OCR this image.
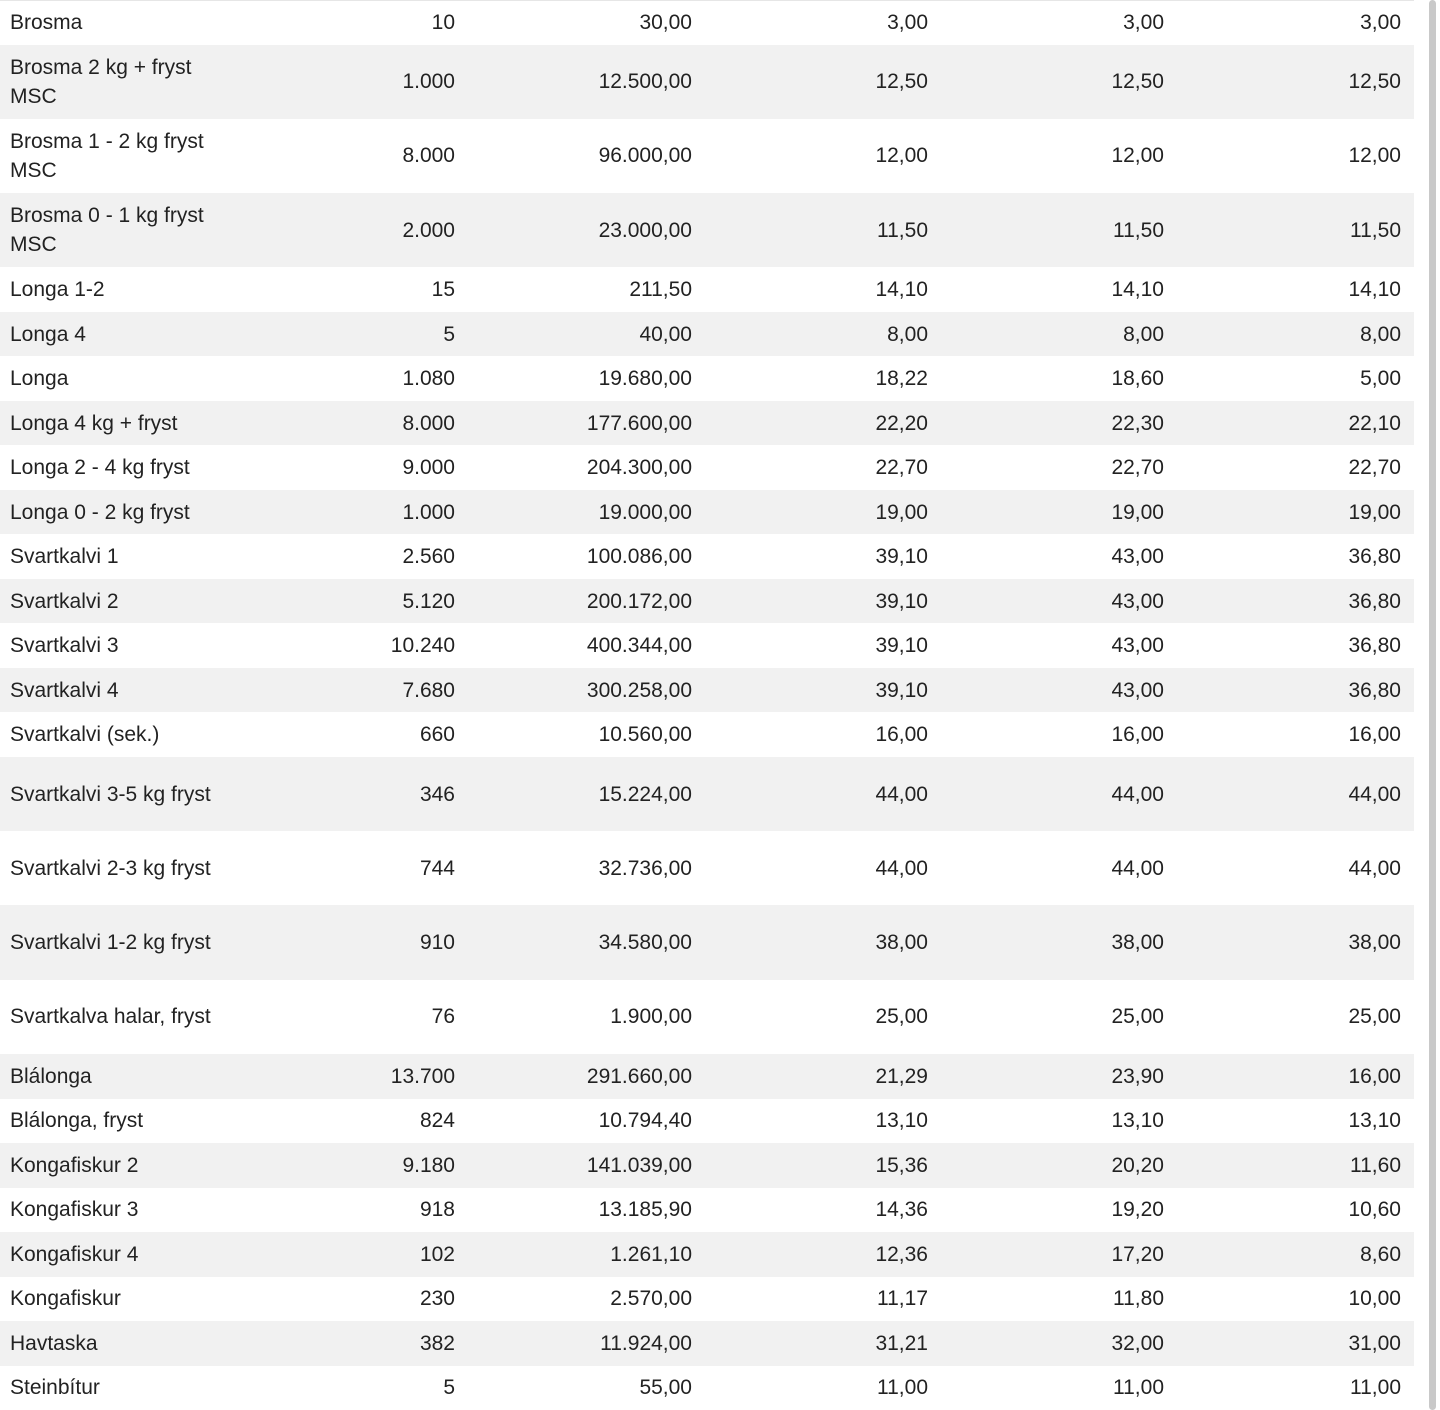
Brosma	10	30,00	3,00	3,00	3,00
Brosma 2 kg + fryst MSC	1.000	12.500,00	12,50	12,50	12,50
Brosma 1 - 2 kg fryst MSC	8.000	96.000,00	12,00	12,00	12,00
Brosma 0 - 1 kg fryst MSC	2.000	23.000,00	11,50	11,50	11,50
Longa 1-2	15	211,50	14,10	14,10	14,10
Longa 4	5	40,00	8,00	8,00	8,00
Longa	1.080	19.680,00	18,22	18,60	5,00
Longa 4 kg + fryst	8.000	177.600,00	22,20	22,30	22,10
Longa 2 - 4 kg fryst	9.000	204.300,00	22,70	22,70	22,70
Longa 0 - 2 kg fryst	1.000	19.000,00	19,00	19,00	19,00
Svartkalvi 1	2.560	100.086,00	39,10	43,00	36,80
Svartkalvi 2	5.120	200.172,00	39,10	43,00	36,80
Svartkalvi 3	10.240	400.344,00	39,10	43,00	36,80
Svartkalvi 4	7.680	300.258,00	39,10	43,00	36,80
Svartkalvi (sek.)	660	10.560,00	16,00	16,00	16,00
Svartkalvi 3-5 kg fryst	346	15.224,00	44,00	44,00	44,00
Svartkalvi 2-3 kg fryst	744	32.736,00	44,00	44,00	44,00
Svartkalvi 1-2 kg fryst	910	34.580,00	38,00	38,00	38,00
Svartkalva halar, fryst	76	1.900,00	25,00	25,00	25,00
Blálonga	13.700	291.660,00	21,29	23,90	16,00
Blálonga, fryst	824	10.794,40	13,10	13,10	13,10
Kongafiskur 2	9.180	141.039,00	15,36	20,20	11,60
Kongafiskur 3	918	13.185,90	14,36	19,20	10,60
Kongafiskur 4	102	1.261,10	12,36	17,20	8,60
Kongafiskur	230	2.570,00	11,17	11,80	10,00
Havtaska	382	11.924,00	31,21	32,00	31,00
Steinbítur	5	55,00	11,00	11,00	11,00
